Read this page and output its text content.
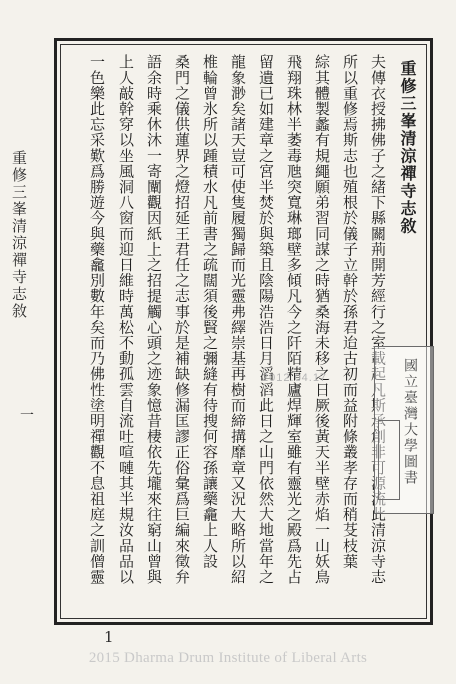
重修三峯清涼禪寺志敘
一
重修三峯清涼禪寺志敘
夫傳衣授拂佛子之緒下縣關荊開芳經行之室載起凡斯承創非可源流此清涼寺志
所以重修焉斯志也殖根於儀子立幹於孫君迨古初而益附條叢孝存而稍芟枝葉
綜其體製蠡有規繩願弟習同謀之時猶桑海未移之日厥後黃天半壁赤焰一山妖鳥
飛翔珠林半萎毒虺突寬琳瑯壁多傾凡今之阡陌精廬焊輝室雖有靈光之殿爲先占
留遺已如建章之宮半焚於與築且陰陽浩浩日月滔滔此日之山門依然大地當年之
龍象渺矣諸天豈可使隻履獨歸而光靈弗繹崇基再樹而締搆靡章又況大略所以紹
椎輪曾氷所以踵積水凡前書之疏闊須後賢之彌縫有待搜何容孫讓藥龕上人設
桑門之儀供蓮界之燈招延王君任之志事於是補缺修漏匡謬正俗彙爲巨編來徵弁
語余時乘休沐一寄闡觀因紙上之招提觸心頭之迹象憶昔棲依先壠來往窮山曾與
上人敲幹穿以坐風洞八窗而迎日維時萬松不動孤雲自流吐喧嗹其半規汝品品以
一色樂此忘采歎爲勝遊今與藥龕別數年矣而乃佛性塗明禪觀不息祖庭之訓僧靈	2012.04.17	國立臺灣大學圖書
1
2015 Dharma Drum Institute of Liberal Arts
